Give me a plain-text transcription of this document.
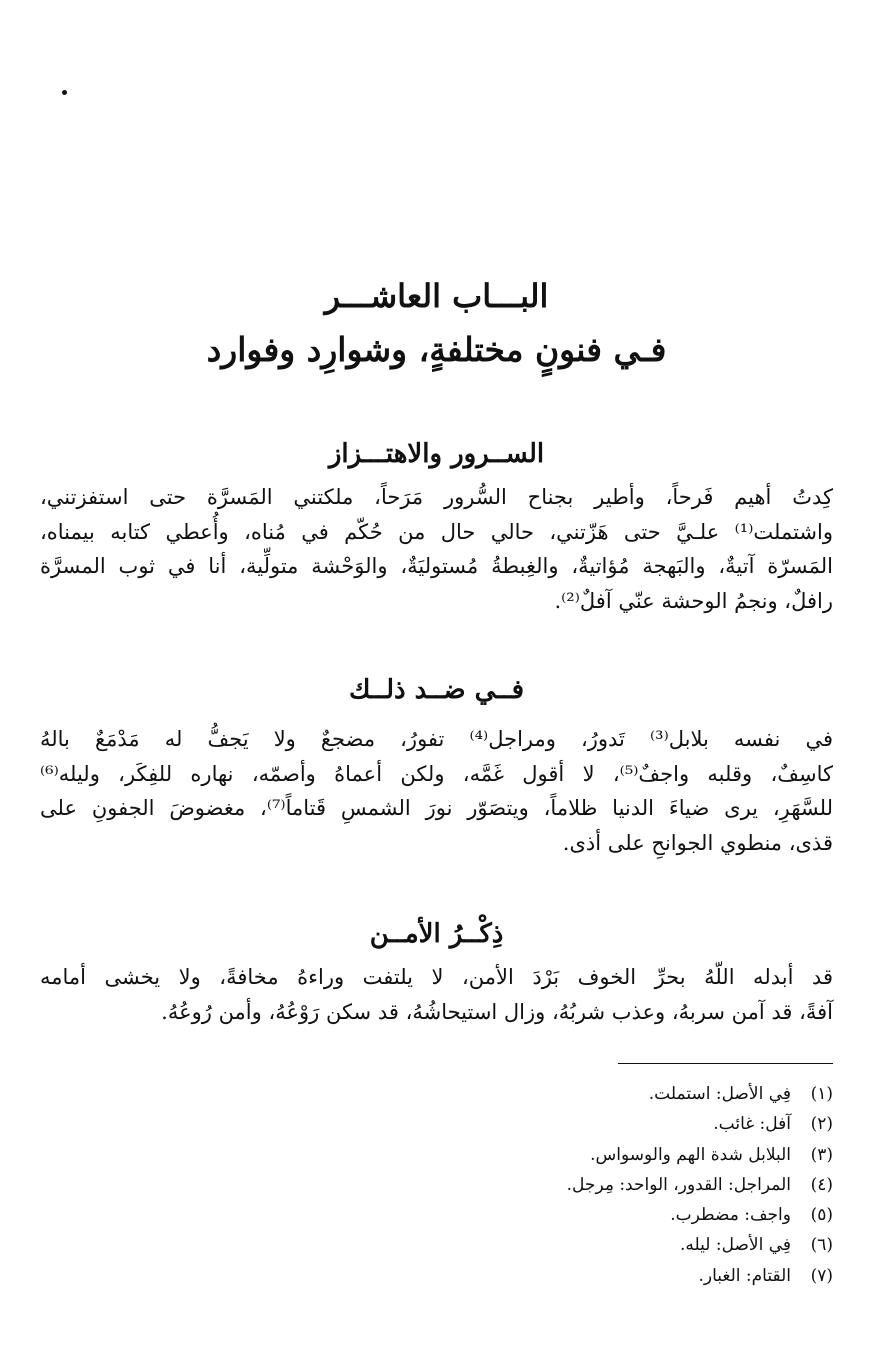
البـــاب العاشـــر
فـي فنونٍ مختلفةٍ، وشوارِد وفوارد
الســرور والاهتـــزاز

كِدتُ أهيم فَرحاً، وأطير بجناح السُّرور مَرَحاً، ملكتني المَسرَّة حتى استفزتني،
واشتملت⁽¹⁾ علـيَّ حتى هَزّتني، حالي حال من حُكّم في مُناه، وأُعطي كتابه بيمناه،
المَسرّة آتيةٌ، والبَهجة مُؤاتيةٌ، والغِبطةُ مُستوليَةٌ، والوَحْشة متولِّية، أنا في ثوب المسرَّة
رافلٌ، ونجمُ الوحشة عنّي آفلٌ⁽²⁾.

فــي ضــد ذلــك

في نفسه بلابل⁽³⁾ تَدورُ، ومراجل⁽⁴⁾ تفورُ، مضجعٌ ولا يَجفُّ له مَدْمَعٌ بالهُ
كاسِفٌ، وقلبه واجفٌ⁽⁵⁾، لا أقول غَمَّه، ولكن أعماهُ وأصمّه، نهاره للفِكَر، وليله⁽⁶⁾
للسَّهَرِ، يرى ضياءَ الدنيا ظلاماً، ويتصَوّر نورَ الشمسِ قَتاماً⁽⁷⁾، مغضوضَ الجفونِ على
قذى، منطوي الجوانحِ على أذى.

ذِكْــرُ الأمــن

قد أبدله اللّهُ بحرِّ الخوف بَرْدَ الأمن، لا يلتفت وراءهُ مخافةً، ولا يخشى أمامه
آفةً، قد آمن سربهُ، وعذب شربُهُ، وزال استيحاشُهُ، قد سكن رَوْعُهُ، وأمن رُوعُهُ.

(١)فِي الأصل: استملت.
(٢)آفل: غائب.
(٣)البلابل شدة الهم والوسواس.
(٤)المراجل: القدور، الواحد: مِرجل.
(٥)واجف: مضطرب.
(٦)فِي الأصل: ليله.
(٧)القتام: الغبار.
